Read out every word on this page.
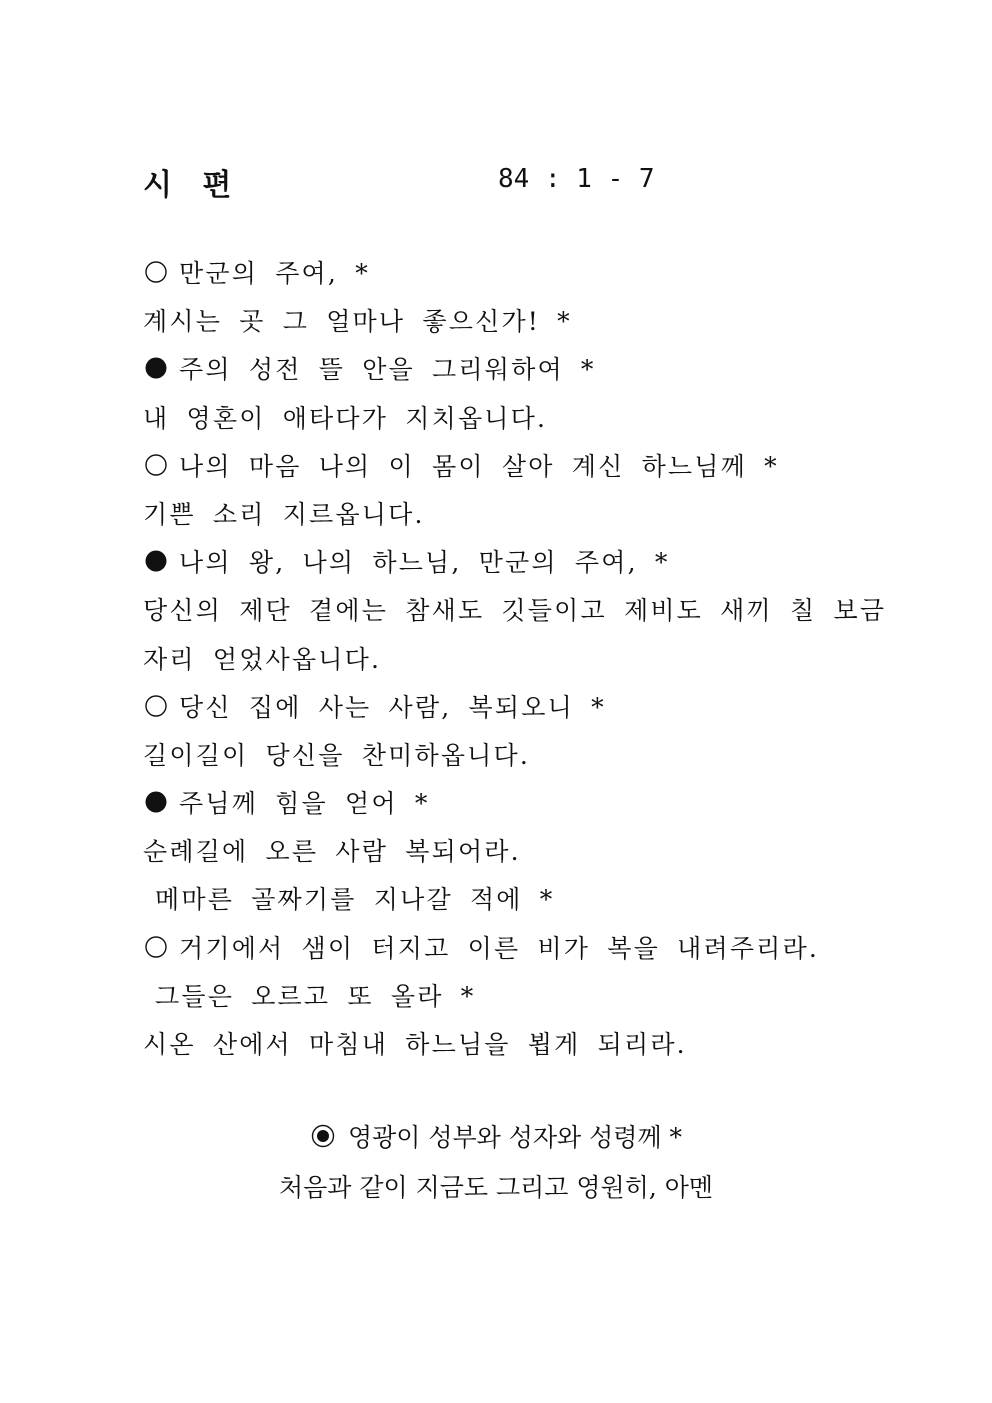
시 편	84 : 1 - 7
만군의 주여, *
계시는 곳 그 얼마나 좋으신가! *
주의 성전 뜰 안을 그리워하여 *
내 영혼이 애타다가 지치옵니다.
나의 마음 나의 이 몸이 살아 계신 하느님께 *
기쁜 소리 지르옵니다.
나의 왕, 나의 하느님, 만군의 주여, *
당신의 제단 곁에는 참새도 깃들이고 제비도 새끼 칠 보금
자리 얻었사옵니다.
당신 집에 사는 사람, 복되오니 *
길이길이 당신을 찬미하옵니다.
주님께 힘을 얻어 *
순례길에 오른 사람 복되어라.
메마른 골짜기를 지나갈 적에 *
거기에서 샘이 터지고 이른 비가 복을 내려주리라.
그들은 오르고 또 올라 *
시온 산에서 마침내 하느님을 뵙게 되리라.
영광이 성부와 성자와 성령께 *
처음과 같이 지금도 그리고 영원히, 아멘
